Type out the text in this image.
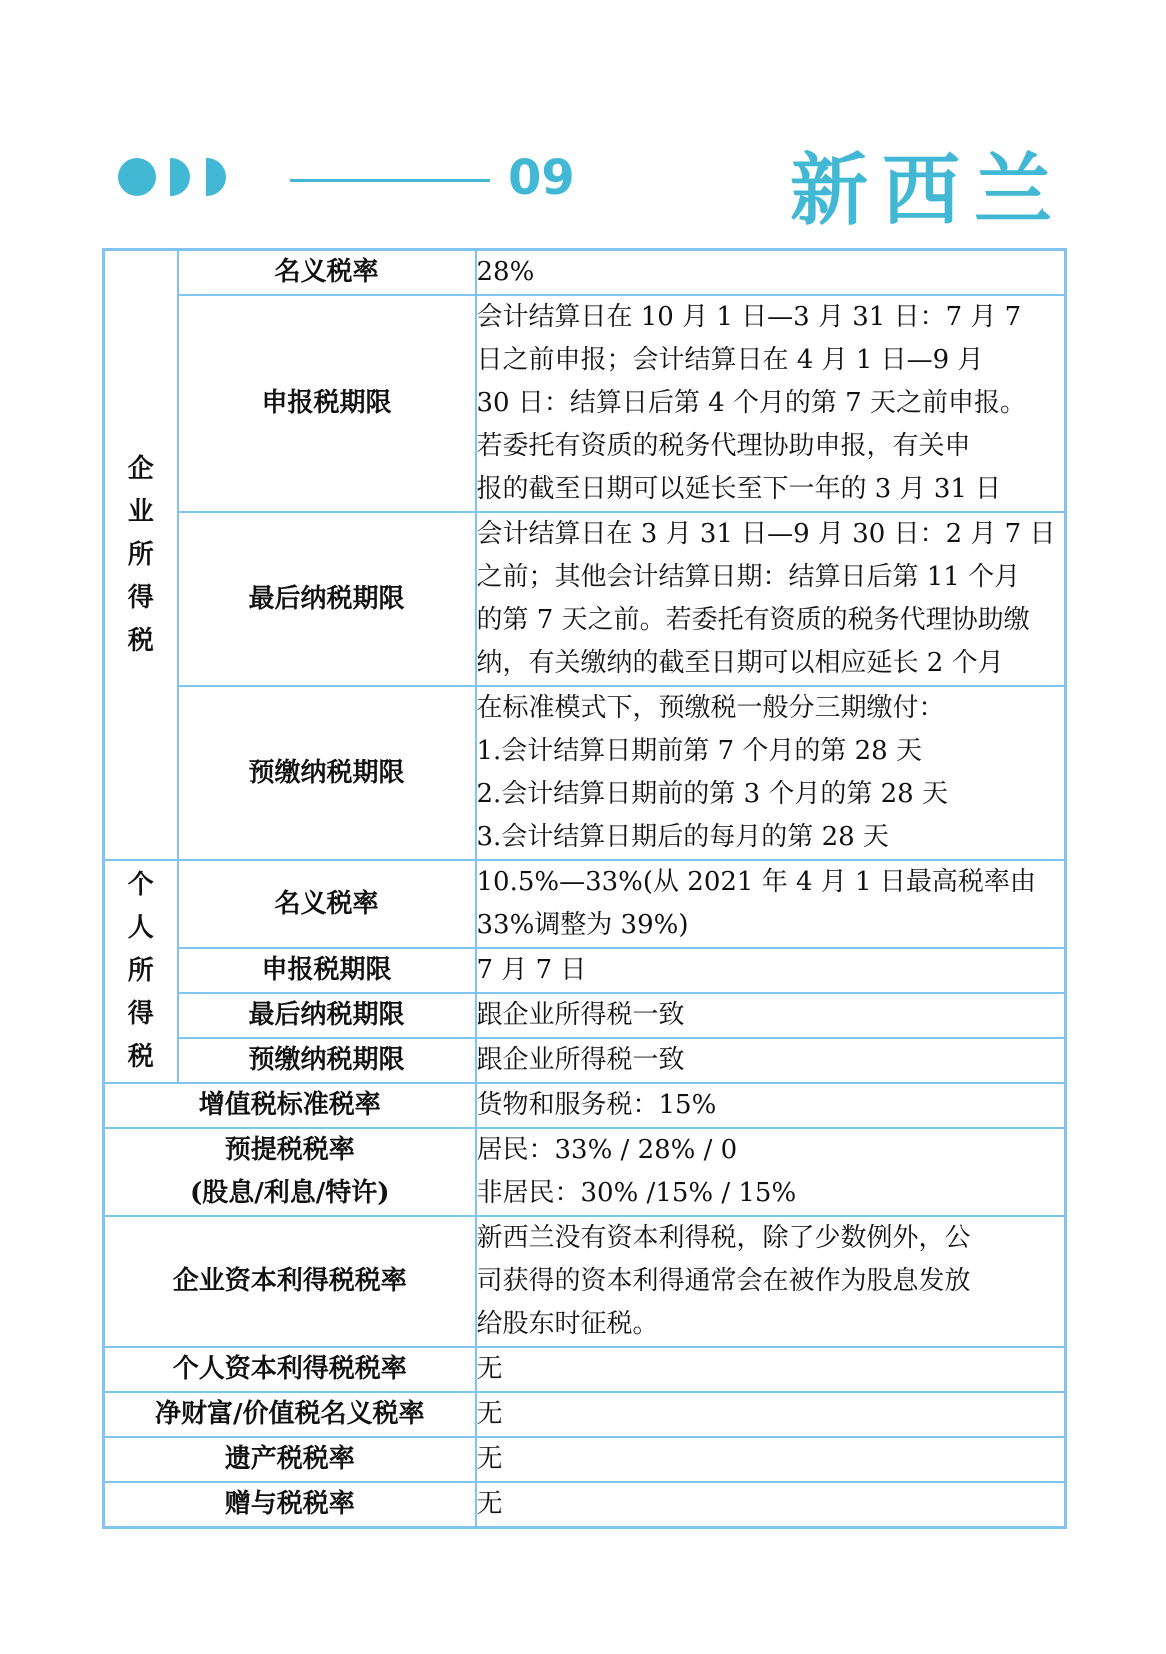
09	新西兰
企业所得税	名义税率	28%

	申报税期限	会计结算日在 10 月 1 日—3 月 31 日：7 月 7
日之前申报；会计结算日在 4 月 1 日—9 月
30 日：结算日后第 4 个月的第 7 天之前申报。
若委托有资质的税务代理协助申报，有关申
报的截至日期可以延长至下一年的 3 月 31 日

	最后纳税期限	会计结算日在 3 月 31 日—9 月 30 日：2 月 7 日
之前；其他会计结算日期：结算日后第 11 个月
的第 7 天之前。若委托有资质的税务代理协助缴
纳，有关缴纳的截至日期可以相应延长 2 个月

	预缴纳税期限	在标准模式下，预缴税一般分三期缴付：
1.会计结算日期前第 7 个月的第 28 天
2.会计结算日期前的第 3 个月的第 28 天
3.会计结算日期后的每月的第 28 天

个人所得税	名义税率	10.5%—33%(从 2021 年 4 月 1 日最高税率由
33%调整为 39%)

	申报税期限	7 月 7 日

	最后纳税期限	跟企业所得税一致

	预缴纳税期限	跟企业所得税一致

增值税标准税率		货物和服务税：15%

预提税税率
(股息/利息/特许)		居民：33% / 28% / 0
非居民：30% /15% / 15%

企业资本利得税税率		新西兰没有资本利得税，除了少数例外，公
司获得的资本利得通常会在被作为股息发放
给股东时征税。

个人资本利得税税率		无

净财富/价值税名义税率		无

遗产税税率		无

赠与税税率		无
